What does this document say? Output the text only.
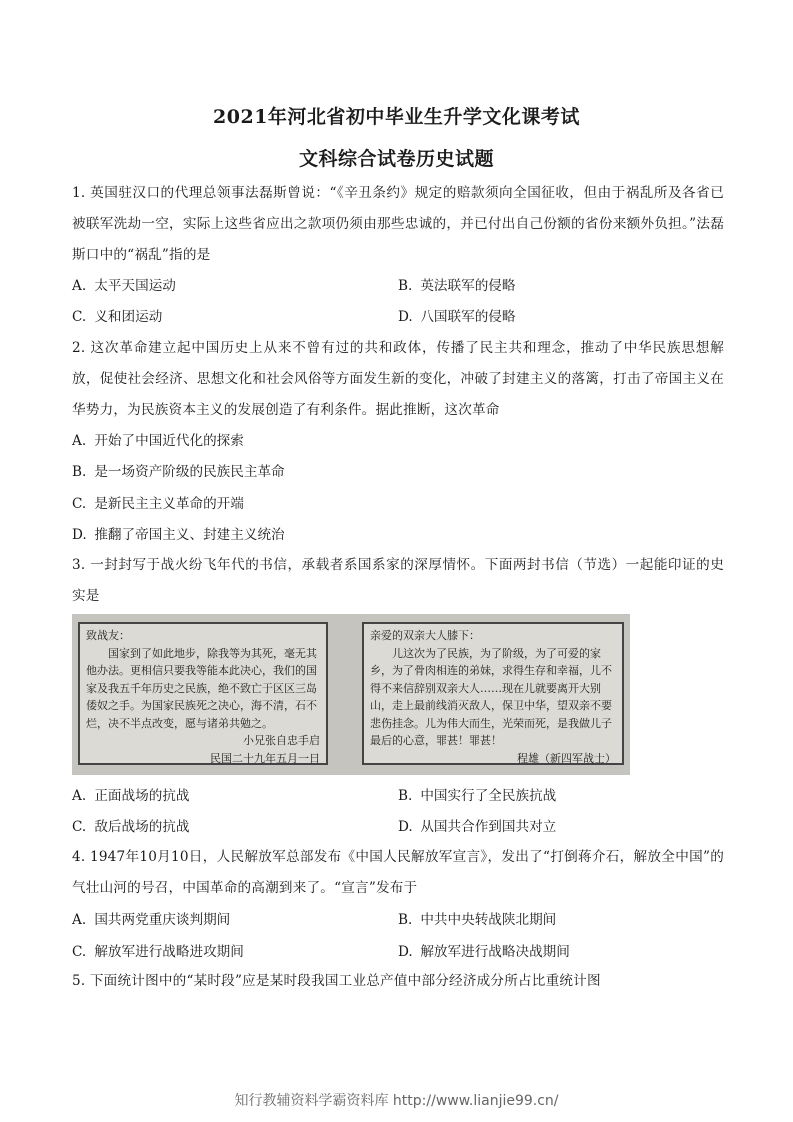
2021年河北省初中毕业生升学文化课考试
文科综合试卷历史试题

1. 英国驻汉口的代理总领事法磊斯曾说：“《辛丑条约》规定的赔款须向全国征收，但由于祸乱所及各省已被联军洗劫一空，实际上这些省应出之款项仍须由那些忠诚的，并已付出自己份额的省份来额外负担。”法磊斯口中的“祸乱”指的是

A. 太平天国运动	B. 英法联军的侵略
C. 义和团运动	D. 八国联军的侵略

2. 这次革命建立起中国历史上从来不曾有过的共和政体，传播了民主共和理念，推动了中华民族思想解放，促使社会经济、思想文化和社会风俗等方面发生新的变化，冲破了封建主义的落篱，打击了帝国主义在华势力，为民族资本主义的发展创造了有利条件。据此推断，这次革命

A. 开始了中国近代化的探索
B. 是一场资产阶级的民族民主革命
C. 是新民主主义革命的开端
D. 推翻了帝国主义、封建主义统治

3. 一封封写于战火纷飞年代的书信，承载者系国系家的深厚情怀。下面两封书信（节选）一起能印证的史实是

致战友：

国家到了如此地步，除我等为其死，毫无其他办法。更相信只要我等能本此决心，我们的国家及我五千年历史之民族，绝不致亡于区区三岛倭奴之手。为国家民族死之决心，海不清，石不烂，决不半点改变，愿与诸弟共勉之。

小兄张自忠手启

民国二十九年五月一日

亲爱的双亲大人膝下：

儿这次为了民族，为了阶级，为了可爱的家乡，为了骨肉相连的弟妹，求得生存和幸福，儿不得不来信辞别双亲大人……现在儿就要离开大别山，走上最前线消灭敌人，保卫中华，望双亲不要悲伤挂念。儿为伟大而生，光荣而死，是我做儿子最后的心意，罪甚！罪甚！

程雄（新四军战士）

A. 正面战场的抗战	B. 中国实行了全民族抗战
C. 敌后战场的抗战	D. 从国共合作到国共对立

4. 1947年10月10日，人民解放军总部发布《中国人民解放军宣言》，发出了“打倒蒋介石，解放全中国”的气壮山河的号召，中国革命的高潮到来了。“宣言”发布于

A. 国共两党重庆谈判期间	B. 中共中央转战陕北期间
C. 解放军进行战略进攻期间	D. 解放军进行战略决战期间

5. 下面统计图中的“某时段”应是某时段我国工业总产值中部分经济成分所占比重统计图

知行教辅资料学霸资料库 http://www.lianjie99.cn/
